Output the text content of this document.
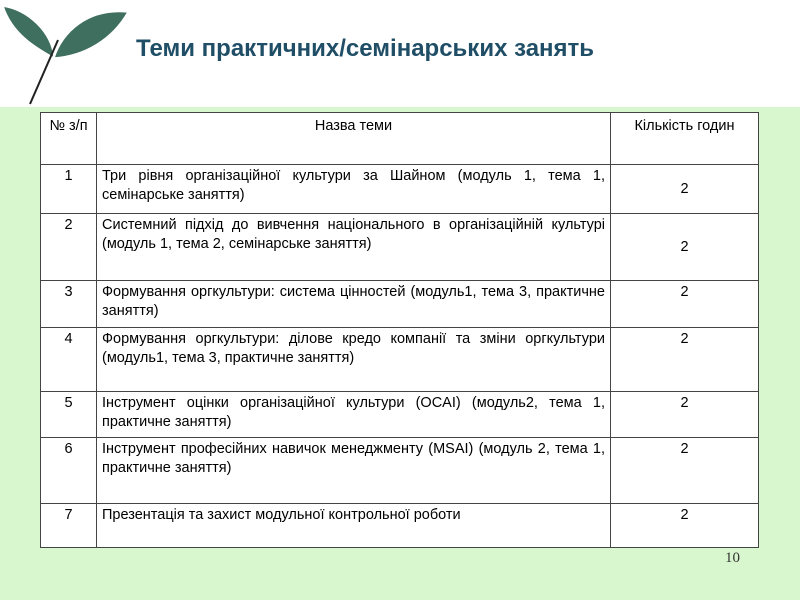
Теми практичних/семінарських занять
№ з/п	Назва теми	Кількість годин
1	Три рівня організаційної культури за Шайном (модуль 1, тема 1, семінарське заняття)	2
2	Системний підхід до вивчення національного в організаційній культурі (модуль 1, тема 2, семінарське заняття)	2
3	Формування оргкультури: система цінностей (модуль1, тема 3, практичне заняття)	2
4	Формування оргкультури: ділове кредо компанії та зміни оргкультури (модуль1, тема 3, практичне заняття)	2
5	Інструмент оцінки організаційної культури (OCAI) (модуль2, тема 1, практичне заняття)	2
6	Інструмент професійних навичок менеджменту (MSAI) (модуль 2, тема 1, практичне заняття)	2
7	Презентація та захист модульної контрольної роботи	2
10
